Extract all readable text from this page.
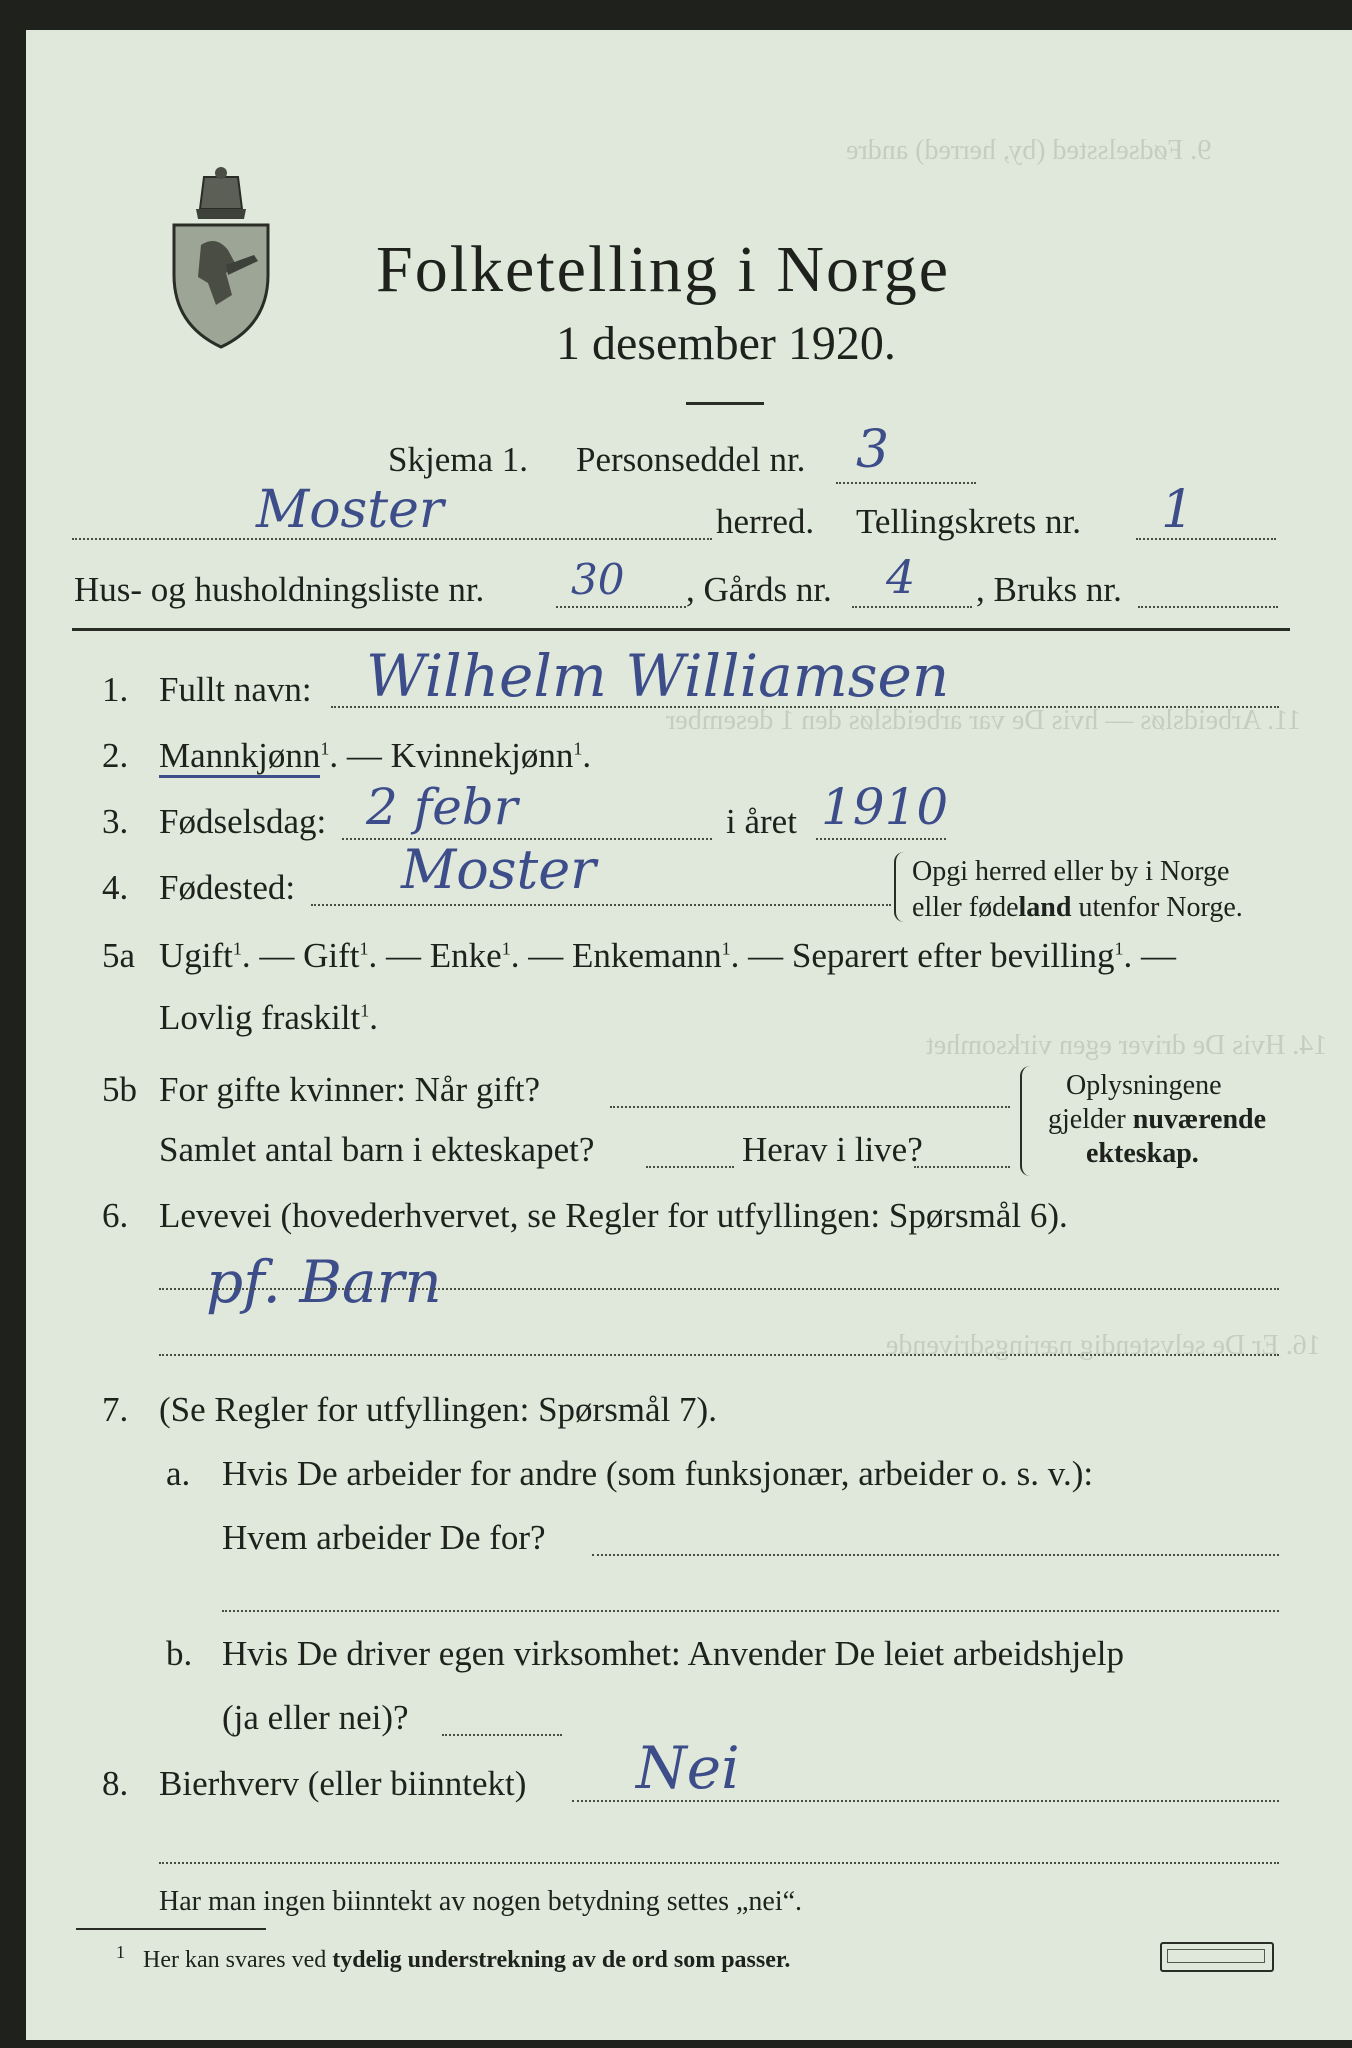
9. Fødselssted (by, herred) andre
11. Arbeidsløs — hvis De var arbeidsløs den 1 desember
14. Hvis De driver egen virksomhet
16. Er De selvstendig næringsdrivende
Folketelling i Norge
1 desember 1920.
Skjema 1. Personseddel nr. 3
Moster	herred. Tellingskrets nr. 1
Hus- og husholdningsliste nr. 30 , Gårds nr. 4 , Bruks nr.
1. Fullt navn: Wilhelm Williamsen
2. Mannkjønn$^1$. — Kvinnekjønn$^1$.
3. Fødselsdag: 2 febr	i året 1910
4. Fødested: Moster	Opgi herred eller by i Norge
eller fødeland utenfor Norge.
5a Ugift$^1$. — Gift$^1$. — Enke$^1$. — Enkemann$^1$. — Separert efter bevilling$^1$. —
Lovlig fraskilt$^1$.
5b For gifte kvinner: Når gift?
Samlet antal barn i ekteskapet?	Herav i live?
Oplysningene
gjelder nuværende
ekteskap.
6. Levevei (hovederhvervet, se Regler for utfyllingen: Spørsmål 6).
pf. Barn
7. (Se Regler for utfyllingen: Spørsmål 7).
a. Hvis De arbeider for andre (som funksjonær, arbeider o. s. v.):
Hvem arbeider De for?
b. Hvis De driver egen virksomhet: Anvender De leiet arbeidshjelp
(ja eller nei)?
8. Bierhverv (eller biinntekt) Nei
Har man ingen biinntekt av nogen betydning settes „nei“.
$^1$ Her kan svares ved tydelig understrekning av de ord som passer.
